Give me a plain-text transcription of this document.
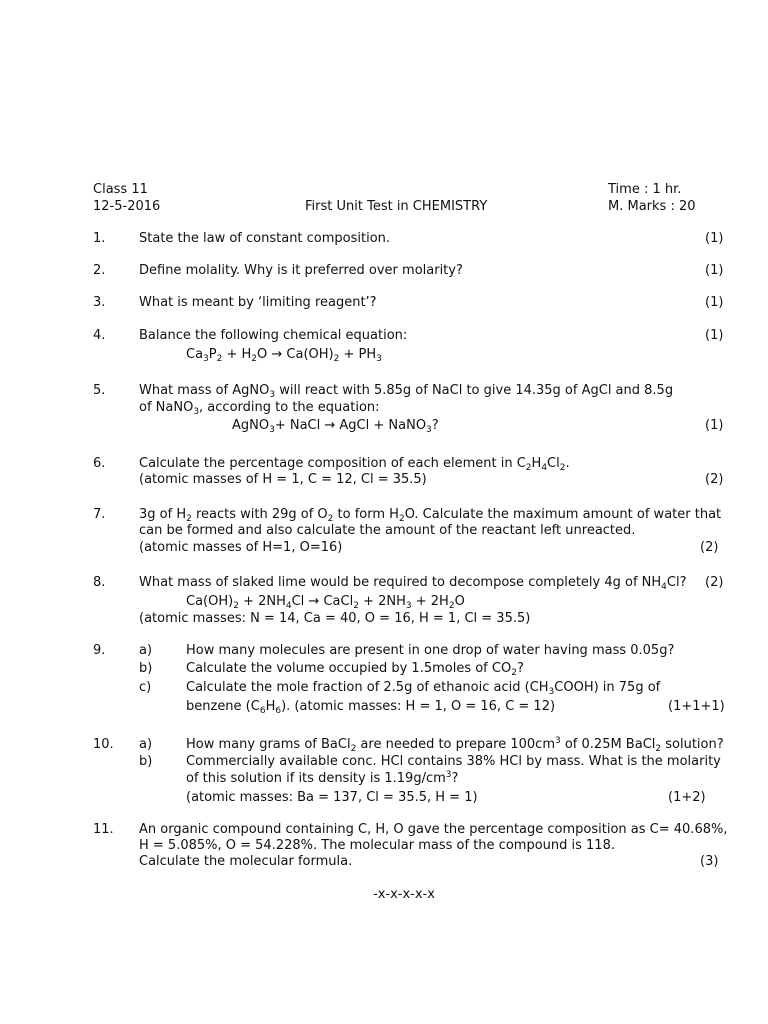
Class 11
12-5-2016	First Unit Test in CHEMISTRY
Time : 1 hr.
M. Marks : 20
1.	State the law of constant composition.	(1)
2.	Define molality. Why is it preferred over molarity?	(1)
3.	What is meant by ‘limiting reagent’?	(1)
4.	Balance the following chemical equation:	(1)
$Ca_3P_2 + H_2O \to Ca(OH)_2 + PH_3$
5.	What mass of AgNO$_3$ will react with 5.85g of NaCl to give 14.35g of AgCl and 8.5g
of NaNO$_3$, according to the equation:
AgNO$_3$+ NaCl → AgCl + NaNO$_3$?	(1)
6.	Calculate the percentage composition of each element in $C_2H_4Cl_2$.
(atomic masses of H = 1, C = 12, Cl = 35.5)	(2)
7.	3g of $H_2$ reacts with 29g of $O_2$ to form $H_2O$. Calculate the maximum amount of water that
can be formed and also calculate the amount of the reactant left unreacted.
(atomic masses of H=1, O=16)	(2)
8.	What mass of slaked lime would be required to decompose completely 4g of $NH_4Cl$? (2)
$Ca(OH)_2 + 2NH_4Cl$ → CaCl$_2$ + $2NH_3 + 2H_2O$
(atomic masses: N = 14, Ca = 40, O = 16, H = 1, Cl = 35.5)
9.	a)	How many molecules are present in one drop of water having mass 0.05g?
b)	Calculate the volume occupied by 1.5moles of $CO_2$?
c)	Calculate the mole fraction of 2.5g of ethanoic acid $(CH_3COOH)$ in 75g of
benzene $(C_6H_6)$. (atomic masses: H = 1, O = 16, C = 12)	(1+1+1)
10. a)	How many grams of BaCl$_2$ are needed to prepare $100cm^3$ of 0.25M BaCl$_2$ solution?
b)	Commercially available conc. HCl contains 38% HCl by mass. What is the molarity
of this solution if its density is $1.19g/cm^3$?
(atomic masses: Ba = 137, Cl = 35.5, H = 1)	(1+2)
11. An organic compound containing C, H, O gave the percentage composition as C= 40.68%,
H = 5.085%, O = 54.228%. The molecular mass of the compound is 118.
Calculate the molecular formula.	(3)
-x-x-x-x-x
